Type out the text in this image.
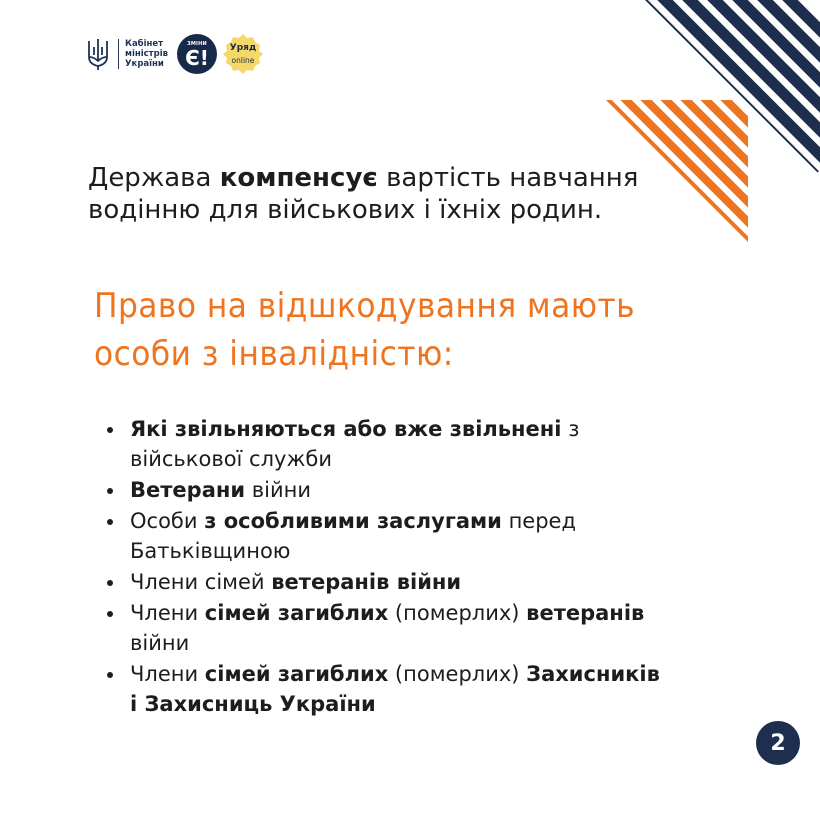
Кабінет
міністрів
України
ЗМІНИ
Є!	Уряд
online
Держава компенсує вартість навчання водінню для військових і їхніх родин.
Право на відшкодування мають
особи з інвалідністю:
Які звільняються або вже звільнені з військової служби
Ветерани війни
Особи з особливими заслугами перед Батьківщиною
Члени сімей ветеранів війни
Члени сімей загиблих (померлих) ветеранів війни
Члени сімей загиблих (померлих) Захисників і Захисниць України
2
